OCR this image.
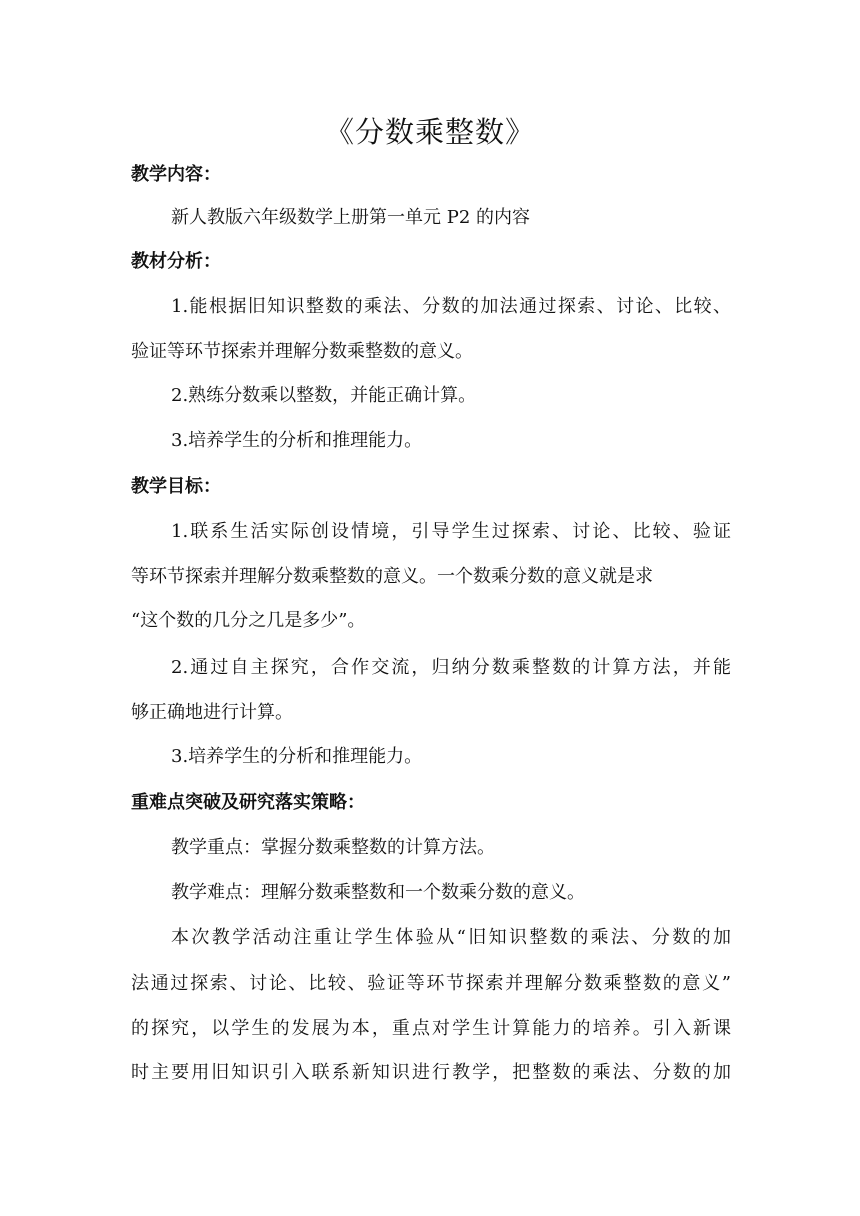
《分数乘整数》
教学内容：
新人教版六年级数学上册第一单元 P2 的内容
教材分析：
1.能根据旧知识整数的乘法、分数的加法通过探索、讨论、比较、
验证等环节探索并理解分数乘整数的意义。
2.熟练分数乘以整数，并能正确计算。
3.培养学生的分析和推理能力。
教学目标：
1.联系生活实际创设情境，引导学生过探索、讨论、比较、验证
等环节探索并理解分数乘整数的意义。一个数乘分数的意义就是求
“这个数的几分之几是多少”。
2.通过自主探究，合作交流，归纳分数乘整数的计算方法，并能
够正确地进行计算。
3.培养学生的分析和推理能力。
重难点突破及研究落实策略：
教学重点：掌握分数乘整数的计算方法。
教学难点：理解分数乘整数和一个数乘分数的意义。
本次教学活动注重让学生体验从“旧知识整数的乘法、分数的加
法通过探索、讨论、比较、验证等环节探索并理解分数乘整数的意义”
的探究，以学生的发展为本，重点对学生计算能力的培养。引入新课
时主要用旧知识引入联系新知识进行教学，把整数的乘法、分数的加
